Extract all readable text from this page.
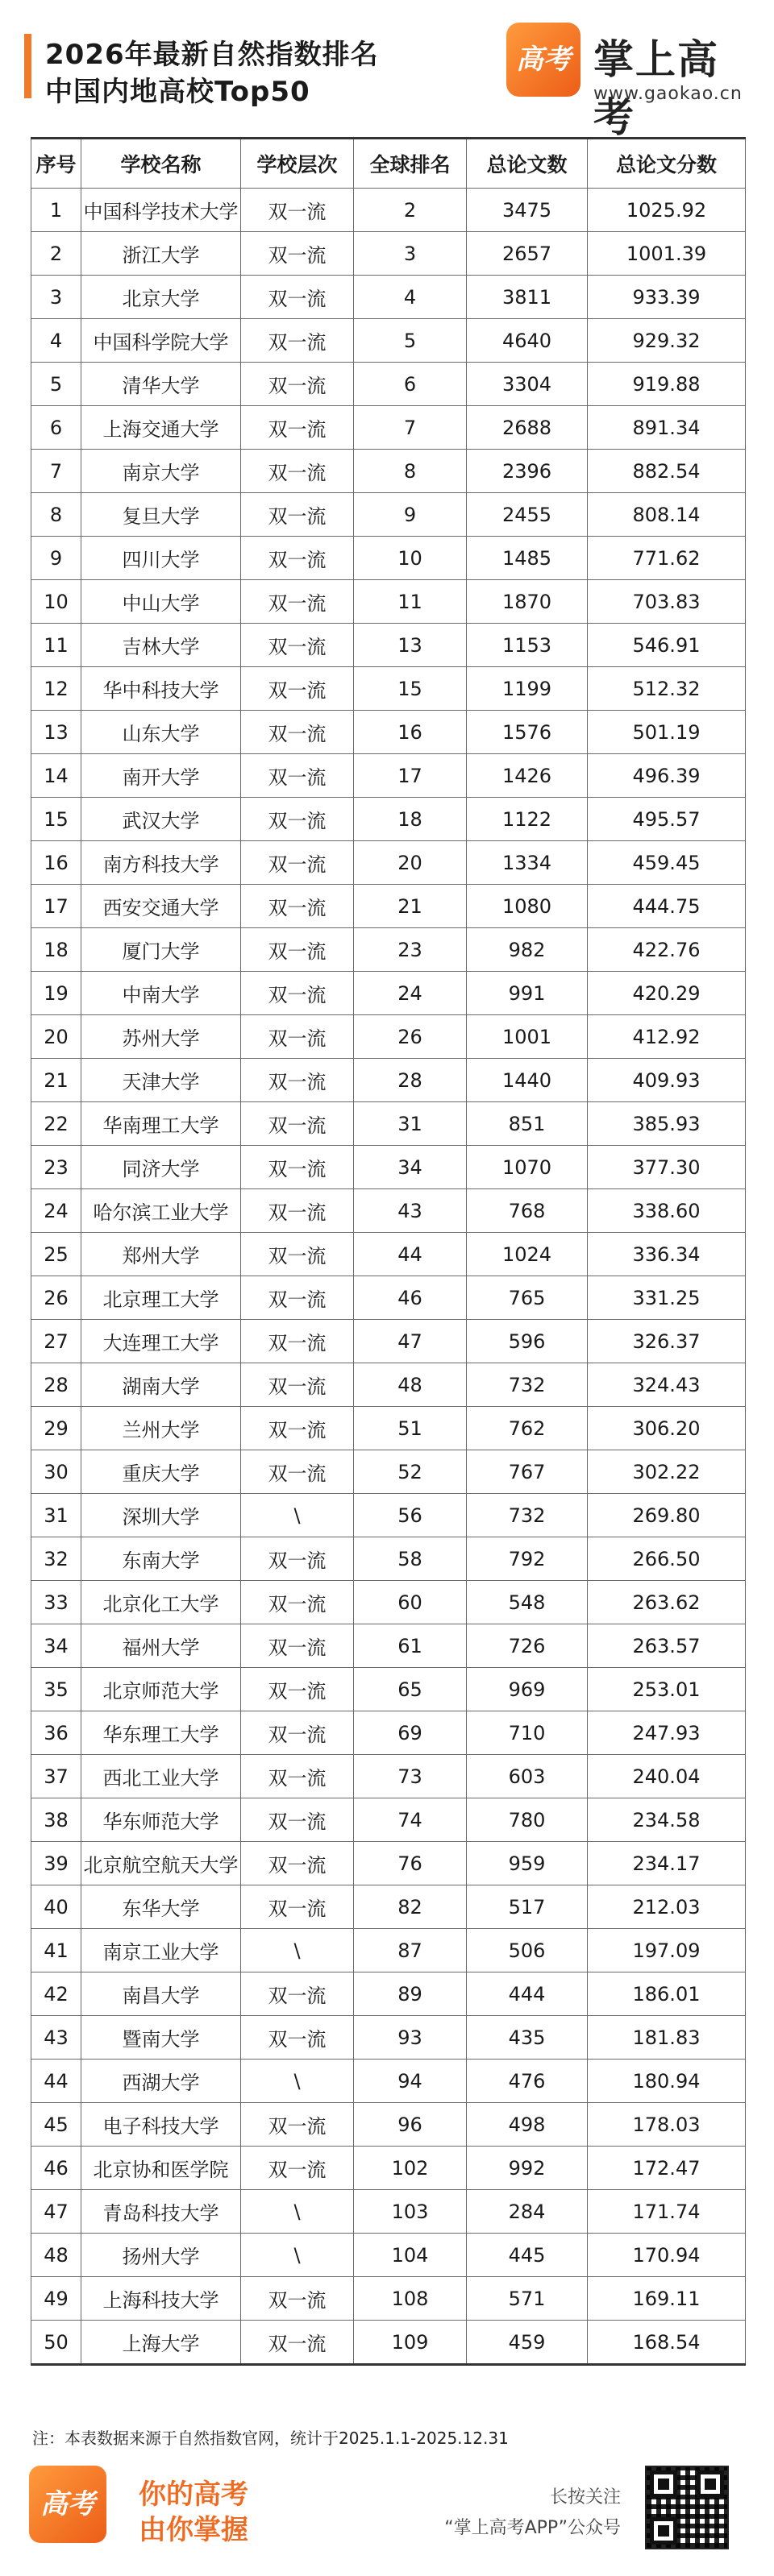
2026年最新自然指数排名
中国内地高校Top50
高考 掌上高考
www.gaokao.cn
序号	学校名称	学校层次	全球排名	总论文数	总论文分数
1	中国科学技术大学	双一流	2	3475	1025.92
2	浙江大学	双一流	3	2657	1001.39
3	北京大学	双一流	4	3811	933.39
4	中国科学院大学	双一流	5	4640	929.32
5	清华大学	双一流	6	3304	919.88
6	上海交通大学	双一流	7	2688	891.34
7	南京大学	双一流	8	2396	882.54
8	复旦大学	双一流	9	2455	808.14
9	四川大学	双一流	10	1485	771.62
10	中山大学	双一流	11	1870	703.83
11	吉林大学	双一流	13	1153	546.91
12	华中科技大学	双一流	15	1199	512.32
13	山东大学	双一流	16	1576	501.19
14	南开大学	双一流	17	1426	496.39
15	武汉大学	双一流	18	1122	495.57
16	南方科技大学	双一流	20	1334	459.45
17	西安交通大学	双一流	21	1080	444.75
18	厦门大学	双一流	23	982	422.76
19	中南大学	双一流	24	991	420.29
20	苏州大学	双一流	26	1001	412.92
21	天津大学	双一流	28	1440	409.93
22	华南理工大学	双一流	31	851	385.93
23	同济大学	双一流	34	1070	377.30
24	哈尔滨工业大学	双一流	43	768	338.60
25	郑州大学	双一流	44	1024	336.34
26	北京理工大学	双一流	46	765	331.25
27	大连理工大学	双一流	47	596	326.37
28	湖南大学	双一流	48	732	324.43
29	兰州大学	双一流	51	762	306.20
30	重庆大学	双一流	52	767	302.22
31	深圳大学	\	56	732	269.80
32	东南大学	双一流	58	792	266.50
33	北京化工大学	双一流	60	548	263.62
34	福州大学	双一流	61	726	263.57
35	北京师范大学	双一流	65	969	253.01
36	华东理工大学	双一流	69	710	247.93
37	西北工业大学	双一流	73	603	240.04
38	华东师范大学	双一流	74	780	234.58
39	北京航空航天大学	双一流	76	959	234.17
40	东华大学	双一流	82	517	212.03
41	南京工业大学	\	87	506	197.09
42	南昌大学	双一流	89	444	186.01
43	暨南大学	双一流	93	435	181.83
44	西湖大学	\	94	476	180.94
45	电子科技大学	双一流	96	498	178.03
46	北京协和医学院	双一流	102	992	172.47
47	青岛科技大学	\	103	284	171.74
48	扬州大学	\	104	445	170.94
49	上海科技大学	双一流	108	571	169.11
50	上海大学	双一流	109	459	168.54
注：本表数据来源于自然指数官网，统计于2025.1.1-2025.12.31
高考	你的高考
由你掌握
长按关注
“掌上高考APP”公众号
